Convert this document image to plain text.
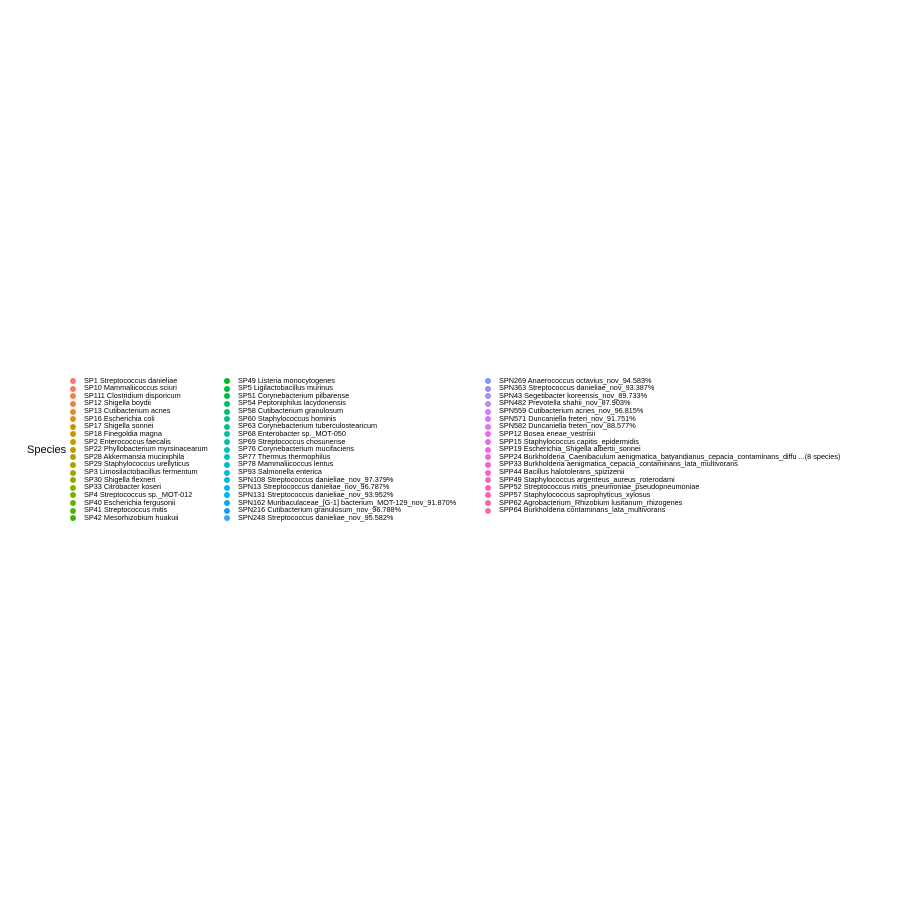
Species
SP1 Streptococcus danieliae
SP10 Mammaliicoccus sciuri
SP111 Clostridium disporicum
SP12 Shigella boydii
SP13 Cutibacterium acnes
SP16 Escherichia coli
SP17 Shigella sonnei
SP18 Finegoldia magna
SP2 Enterococcus faecalis
SP22 Phyllobacterium myrsinacearum
SP28 Akkermansia muciniphila
SP29 Staphylococcus urellyticus
SP3 Limosilactobacillus fermentum
SP30 Shigella flexneri
SP33 Citrobacter koseri
SP4 Streptococcus sp._MOT-012
SP40 Escherichia fergusonii
SP41 Streptococcus mitis
SP42 Mesorhizobium huakuii
SP49 Listeria monocytogenes
SP5 Ligilactobacillus murinus
SP51 Corynebacterium pilbarense
SP54 Peptoniphilus lacydonensis
SP58 Cutibacterium granulosum
SP60 Staphylococcus hominis
SP63 Corynebacterium tuberculostearicum
SP68 Enterobacter sp._MOT-050
SP69 Streptococcus chosunense
SP76 Corynebacterium mucifaciens
SP77 Thermus thermophilus
SP78 Mammaliicoccus lentus
SP93 Salmonella enterica
SPN108 Streptococcus danieliae_nov_97.379%
SPN13 Streptococcus danieliae_nov_96.787%
SPN131 Streptococcus danieliae_nov_93.952%
SPN162 Muribaculaceae_[G-1] bacterium_MOT-129_nov_91.870%
SPN216 Cutibacterium granulosum_nov_96.788%
SPN248 Streptococcus danieliae_nov_95.582%
SPN269 Anaerococcus octavius_nov_94.583%
SPN363 Streptococcus danieliae_nov_93.387%
SPN43 Segetibacter koreensis_nov_89.733%
SPN482 Prevotella shahii_nov_87.903%
SPN559 Cutibacterium acnes_nov_96.815%
SPN571 Duncaniella freteri_nov_91.751%
SPN582 Duncaniella freteri_nov_88.577%
SPP12 Bosea eneae_vestrisii
SPP15 Staphylococcus capitis_epidermidis
SPP19 Escherichia_Shigella albertii_sonnei
SPP24 Burkholderia_Caenibaculum aenigmatica_batyandianus_cepacia_contaminans_diffu ...(8 species)
SPP33 Burkholderia aenigmatica_cepacia_contaminans_lata_multivorans
SPP44 Bacillus halotolerans_spizizenii
SPP49 Staphylococcus argenteus_aureus_roterodami
SPP52 Streptococcus mitis_pneumoniae_pseudopneumoniae
SPP57 Staphylococcus saprophyticus_xylosus
SPP62 Agrobacterium_Rhizobium lusitanum_rhizogenes
SPP64 Burkholderia contaminans_lata_multivorans
